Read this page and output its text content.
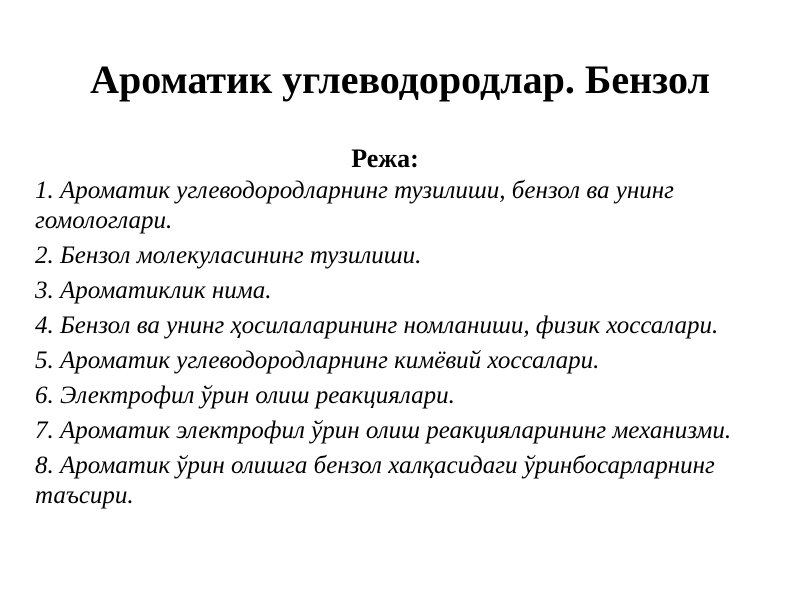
Ароматик углеводородлар. Бензол
Режа:
1. Ароматик углеводородларнинг тузилиши, бензол ва унинг гомологлари.
2. Бензол молекуласининг тузилиши.
3. Ароматиклик нима.
4. Бензол ва унинг ҳосилаларининг номланиши, физик хоссалари.
5. Ароматик углеводородларнинг кимёвий хоссалари.
6. Электрофил ўрин олиш реакциялари.
7. Ароматик электрофил ўрин олиш реакцияларининг механизми.
8. Ароматик ўрин олишга бензол халқасидаги ўринбосарларнинг таъсири.
